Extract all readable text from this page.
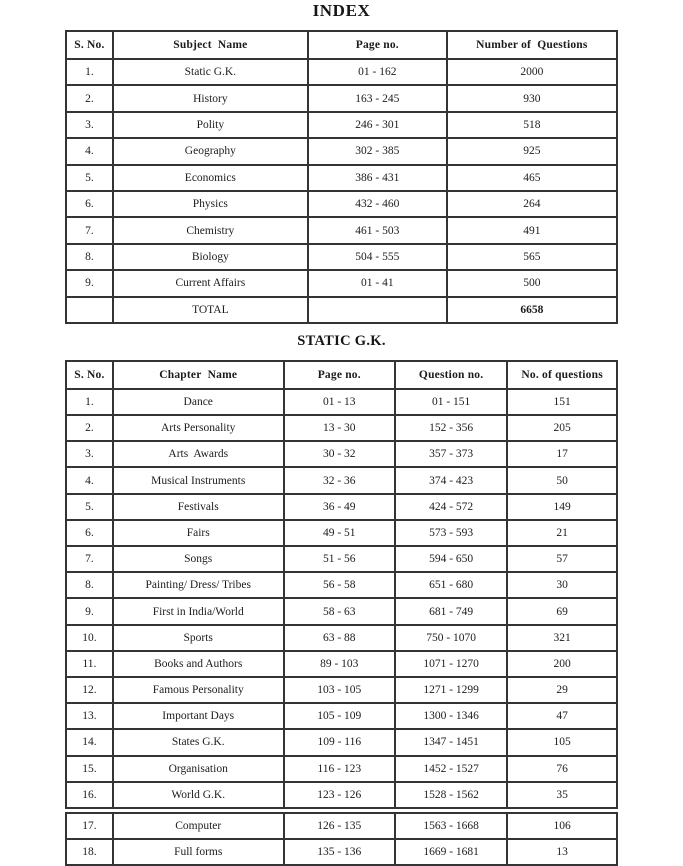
INDEX
S. No.	Subject  Name	Page no.	Number of  Questions
1.	Static G.K.	01 - 162	2000
2.	History	163 - 245	930
3.	Polity	246 - 301	518
4.	Geography	302 - 385	925
5.	Economics	386 - 431	465
6.	Physics	432 - 460	264
7.	Chemistry	461 - 503	491
8.	Biology	504 - 555	565
9.	Current Affairs	01 - 41	500
	TOTAL		6658
STATIC G.K.
S. No.	Chapter  Name	Page no.	Question no.	No. of questions
1.	Dance	01 - 13	01 - 151	151
2.	Arts Personality	13 - 30	152 - 356	205
3.	Arts  Awards	30 - 32	357 - 373	17
4.	Musical Instruments	32 - 36	374 - 423	50
5.	Festivals	36 - 49	424 - 572	149
6.	Fairs	49 - 51	573 - 593	21
7.	Songs	51 - 56	594 - 650	57
8.	Painting/ Dress/ Tribes	56 - 58	651 - 680	30
9.	First in India/World	58 - 63	681 - 749	69
10.	Sports	63 - 88	750 - 1070	321
11.	Books and Authors	89 - 103	1071 - 1270	200
12.	Famous Personality	103 - 105	1271 - 1299	29
13.	Important Days	105 - 109	1300 - 1346	47
14.	States G.K.	109 - 116	1347 - 1451	105
15.	Organisation	116 - 123	1452 - 1527	76
16.	World G.K.	123 - 126	1528 - 1562	35
17.	Computer	126 - 135	1563 - 1668	106
18.	Full forms	135 - 136	1669 - 1681	13
